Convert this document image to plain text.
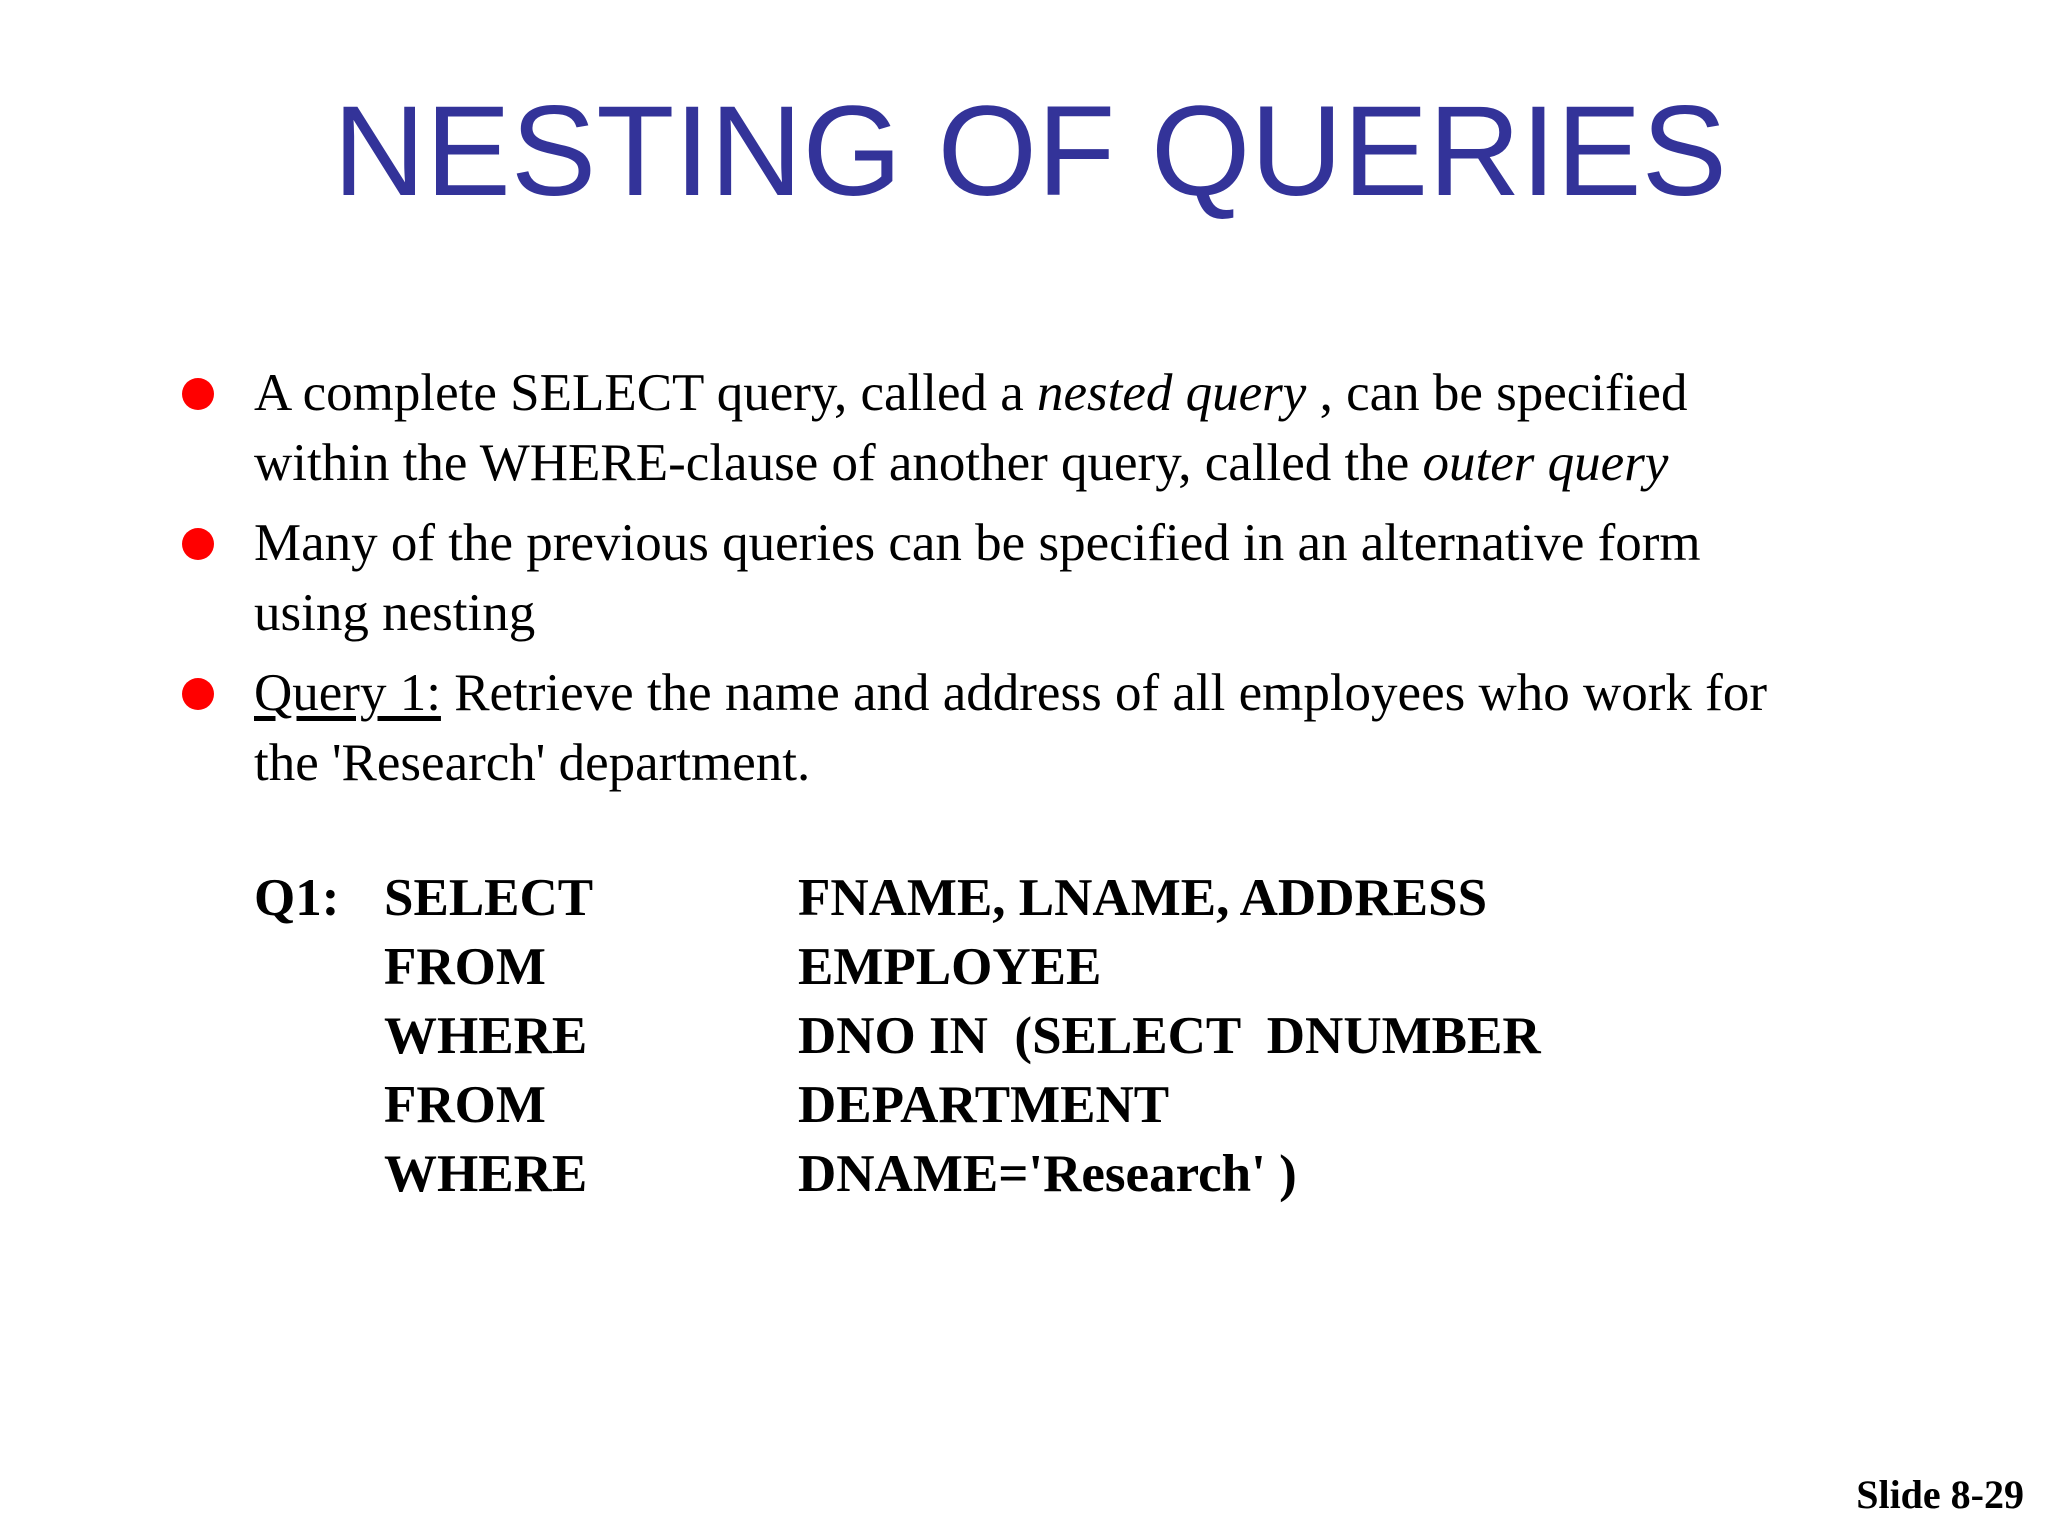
NESTING OF QUERIES
A complete SELECT query, called a nested query , can be specified
within the WHERE-clause of another query, called the outer query
Many of the previous queries can be specified in an alternative form
using nesting
Query 1: Retrieve the name and address of all employees who work for
the 'Research' department.
Q1: SELECT	FNAME, LNAME, ADDRESS
FROM	EMPLOYEE
WHERE	DNO IN  (SELECT  DNUMBER
FROM	DEPARTMENT
WHERE	DNAME='Research' )
Slide 8-29
